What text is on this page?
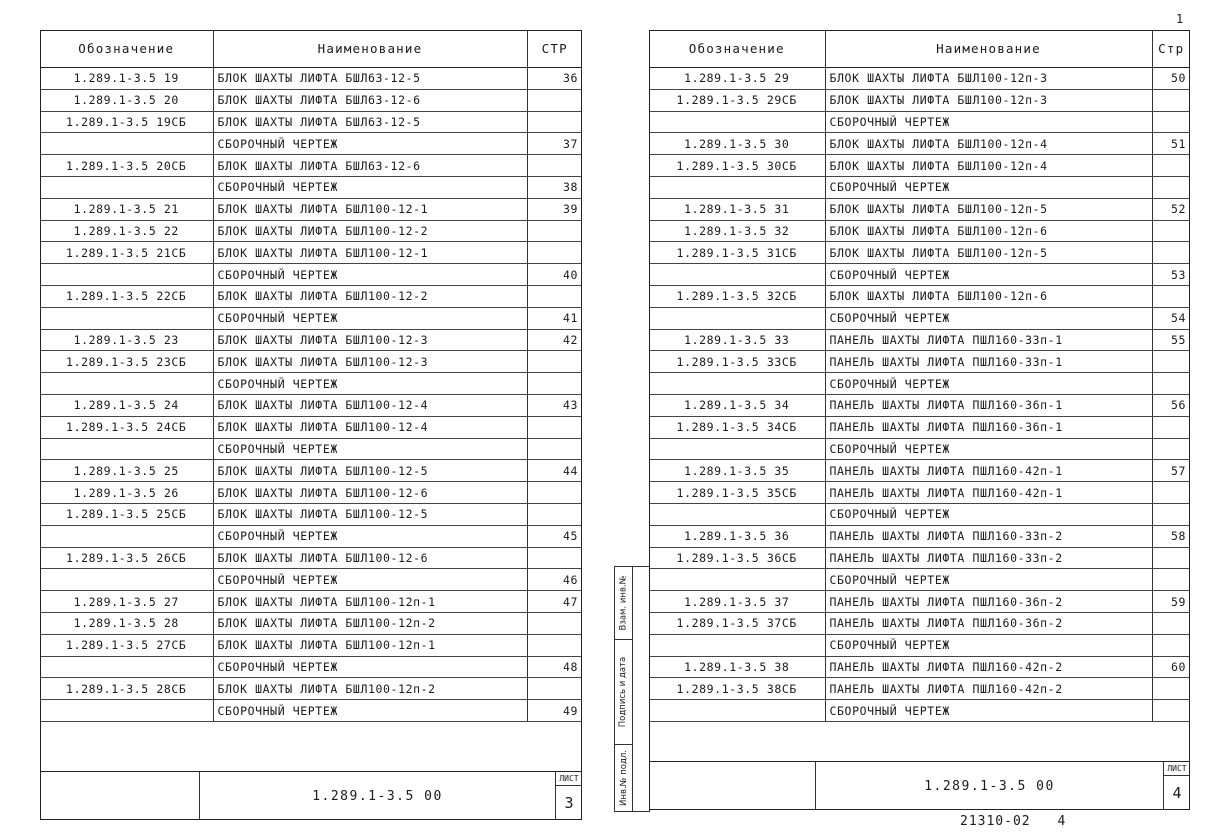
Обозначение	Наименование	СТР
1.289.1-3.5 19	БЛОК ШАХТЫ ЛИФТА БШЛ63-12-5	36
1.289.1-3.5 20	БЛОК ШАХТЫ ЛИФТА БШЛ63-12-6	
1.289.1-3.5 19СБ	БЛОК ШАХТЫ ЛИФТА БШЛ63-12-5	
	СБОРОЧНЫЙ ЧЕРТЕЖ	37
1.289.1-3.5 20СБ	БЛОК ШАХТЫ ЛИФТА БШЛ63-12-6	
	СБОРОЧНЫЙ ЧЕРТЕЖ	38
1.289.1-3.5 21	БЛОК ШАХТЫ ЛИФТА БШЛ100-12-1	39
1.289.1-3.5 22	БЛОК ШАХТЫ ЛИФТА БШЛ100-12-2	
1.289.1-3.5 21СБ	БЛОК ШАХТЫ ЛИФТА БШЛ100-12-1	
	СБОРОЧНЫЙ ЧЕРТЕЖ	40
1.289.1-3.5 22СБ	БЛОК ШАХТЫ ЛИФТА БШЛ100-12-2	
	СБОРОЧНЫЙ ЧЕРТЕЖ	41
1.289.1-3.5 23	БЛОК ШАХТЫ ЛИФТА БШЛ100-12-3	42
1.289.1-3.5 23СБ	БЛОК ШАХТЫ ЛИФТА БШЛ100-12-3	
	СБОРОЧНЫЙ ЧЕРТЕЖ	
1.289.1-3.5 24	БЛОК ШАХТЫ ЛИФТА БШЛ100-12-4	43
1.289.1-3.5 24СБ	БЛОК ШАХТЫ ЛИФТА БШЛ100-12-4	
	СБОРОЧНЫЙ ЧЕРТЕЖ	
1.289.1-3.5 25	БЛОК ШАХТЫ ЛИФТА БШЛ100-12-5	44
1.289.1-3.5 26	БЛОК ШАХТЫ ЛИФТА БШЛ100-12-6	
1.289.1-3.5 25СБ	БЛОК ШАХТЫ ЛИФТА БШЛ100-12-5	
	СБОРОЧНЫЙ ЧЕРТЕЖ	45
1.289.1-3.5 26СБ	БЛОК ШАХТЫ ЛИФТА БШЛ100-12-6	
	СБОРОЧНЫЙ ЧЕРТЕЖ	46
1.289.1-3.5 27	БЛОК ШАХТЫ ЛИФТА БШЛ100-12п-1	47
1.289.1-3.5 28	БЛОК ШАХТЫ ЛИФТА БШЛ100-12п-2	
1.289.1-3.5 27СБ	БЛОК ШАХТЫ ЛИФТА БШЛ100-12п-1	
	СБОРОЧНЫЙ ЧЕРТЕЖ	48
1.289.1-3.5 28СБ	БЛОК ШАХТЫ ЛИФТА БШЛ100-12п-2	
	СБОРОЧНЫЙ ЧЕРТЕЖ	49
1.289.1-3.5 00
ЛИСТ
3
Взам. инв.№
Подпись и дата
Инв.№ подл.
Обозначение	Наименование	Стр
1.289.1-3.5 29	БЛОК ШАХТЫ ЛИФТА БШЛ100-12п-3	50
1.289.1-3.5 29СБ	БЛОК ШАХТЫ ЛИФТА БШЛ100-12п-3	
	СБОРОЧНЫЙ ЧЕРТЕЖ	
1.289.1-3.5 30	БЛОК ШАХТЫ ЛИФТА БШЛ100-12п-4	51
1.289.1-3.5 30СБ	БЛОК ШАХТЫ ЛИФТА БШЛ100-12п-4	
	СБОРОЧНЫЙ ЧЕРТЕЖ	
1.289.1-3.5 31	БЛОК ШАХТЫ ЛИФТА БШЛ100-12п-5	52
1.289.1-3.5 32	БЛОК ШАХТЫ ЛИФТА БШЛ100-12п-6	
1.289.1-3.5 31СБ	БЛОК ШАХТЫ ЛИФТА БШЛ100-12п-5	
	СБОРОЧНЫЙ ЧЕРТЕЖ	53
1.289.1-3.5 32СБ	БЛОК ШАХТЫ ЛИФТА БШЛ100-12п-6	
	СБОРОЧНЫЙ ЧЕРТЕЖ	54
1.289.1-3.5 33	ПАНЕЛЬ ШАХТЫ ЛИФТА ПШЛ160-33п-1	55
1.289.1-3.5 33СБ	ПАНЕЛЬ ШАХТЫ ЛИФТА ПШЛ160-33п-1	
	СБОРОЧНЫЙ ЧЕРТЕЖ	
1.289.1-3.5 34	ПАНЕЛЬ ШАХТЫ ЛИФТА ПШЛ160-36п-1	56
1.289.1-3.5 34СБ	ПАНЕЛЬ ШАХТЫ ЛИФТА ПШЛ160-36п-1	
	СБОРОЧНЫЙ ЧЕРТЕЖ	
1.289.1-3.5 35	ПАНЕЛЬ ШАХТЫ ЛИФТА ПШЛ160-42п-1	57
1.289.1-3.5 35СБ	ПАНЕЛЬ ШАХТЫ ЛИФТА ПШЛ160-42п-1	
	СБОРОЧНЫЙ ЧЕРТЕЖ	
1.289.1-3.5 36	ПАНЕЛЬ ШАХТЫ ЛИФТА ПШЛ160-33п-2	58
1.289.1-3.5 36СБ	ПАНЕЛЬ ШАХТЫ ЛИФТА ПШЛ160-33п-2	
	СБОРОЧНЫЙ ЧЕРТЕЖ	
1.289.1-3.5 37	ПАНЕЛЬ ШАХТЫ ЛИФТА ПШЛ160-36п-2	59
1.289.1-3.5 37СБ	ПАНЕЛЬ ШАХТЫ ЛИФТА ПШЛ160-36п-2	
	СБОРОЧНЫЙ ЧЕРТЕЖ	
1.289.1-3.5 38	ПАНЕЛЬ ШАХТЫ ЛИФТА ПШЛ160-42п-2	60
1.289.1-3.5 38СБ	ПАНЕЛЬ ШАХТЫ ЛИФТА ПШЛ160-42п-2	
	СБОРОЧНЫЙ ЧЕРТЕЖ	
1.289.1-3.5 00
ЛИСТ
4
21310-02 4
1
